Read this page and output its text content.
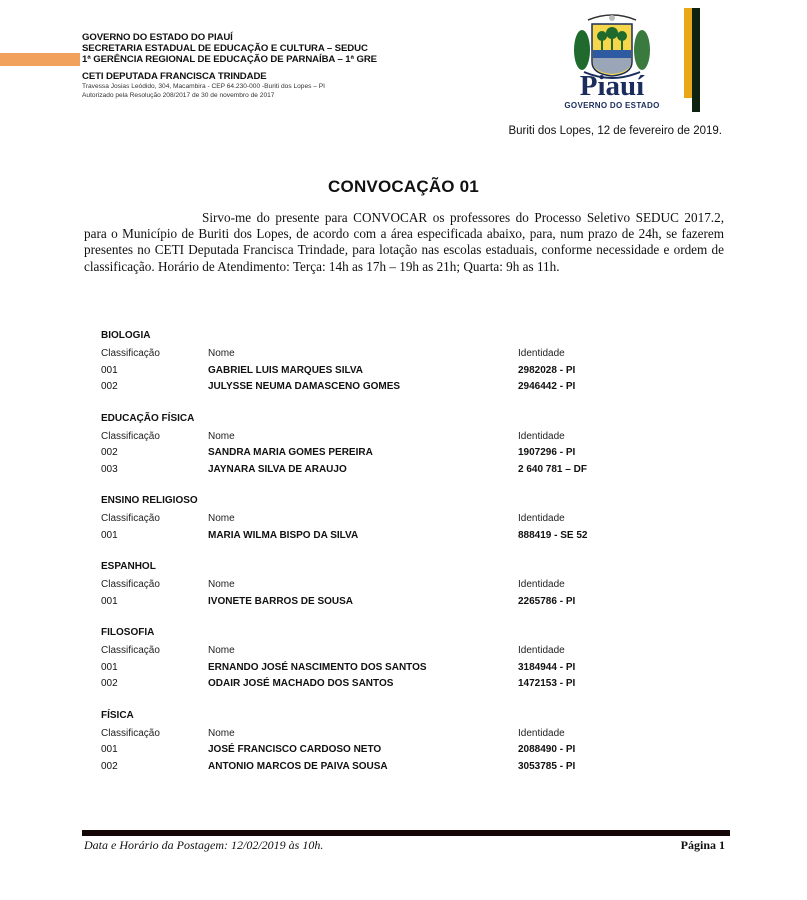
GOVERNO DO ESTADO DO PIAUÍ
SECRETARIA ESTADUAL DE EDUCAÇÃO E CULTURA – SEDUC
1ª GERÊNCIA REGIONAL DE EDUCAÇÃO DE PARNAÍBA – 1ª GRE
CETI DEPUTADA FRANCISCA TRINDADE
Travessa Josias Leódido, 304, Macambira - CEP 64.230-000 -Buriti dos Lopes – PI
Autorizado pela Resolução 208/2017 de 30 de novembro de 2017	Piauí
GOVERNO DO ESTADO
Buriti dos Lopes, 12 de fevereiro de 2019.
CONVOCAÇÃO 01
Sirvo-me do presente para CONVOCAR os professores do Processo Seletivo SEDUC 2017.2, para o Município de Buriti dos Lopes, de acordo com a área especificada abaixo, para, num prazo de 24h, se fazerem presentes no CETI Deputada Francisca Trindade, para lotação nas escolas estaduais, conforme necessidade e ordem de classificação. Horário de Atendimento: Terça: 14h as 17h – 19h as 21h; Quarta: 9h as 11h.
BIOLOGIA
Classificação	Nome	Identidade
001	GABRIEL LUIS MARQUES SILVA	2982028 - PI
002	JULYSSE NEUMA DAMASCENO GOMES	2946442 - PI
EDUCAÇÃO FÍSICA
Classificação	Nome	Identidade
002	SANDRA MARIA GOMES PEREIRA	1907296 - PI
003	JAYNARA SILVA DE ARAUJO	2 640 781 – DF
ENSINO RELIGIOSO
Classificação	Nome	Identidade
001	MARIA WILMA BISPO DA SILVA	888419 - SE 52
ESPANHOL
Classificação	Nome	Identidade
001	IVONETE BARROS DE SOUSA	2265786 - PI
FILOSOFIA
Classificação	Nome	Identidade
001	ERNANDO JOSÉ NASCIMENTO DOS SANTOS	3184944 - PI
002	ODAIR JOSÉ MACHADO DOS SANTOS	1472153 - PI
FÍSICA
Classificação	Nome	Identidade
001	JOSÉ FRANCISCO CARDOSO NETO	2088490 - PI
002	ANTONIO MARCOS DE PAIVA SOUSA	3053785 - PI
Data e Horário da Postagem: 12/02/2019 às 10h.	Página 1
